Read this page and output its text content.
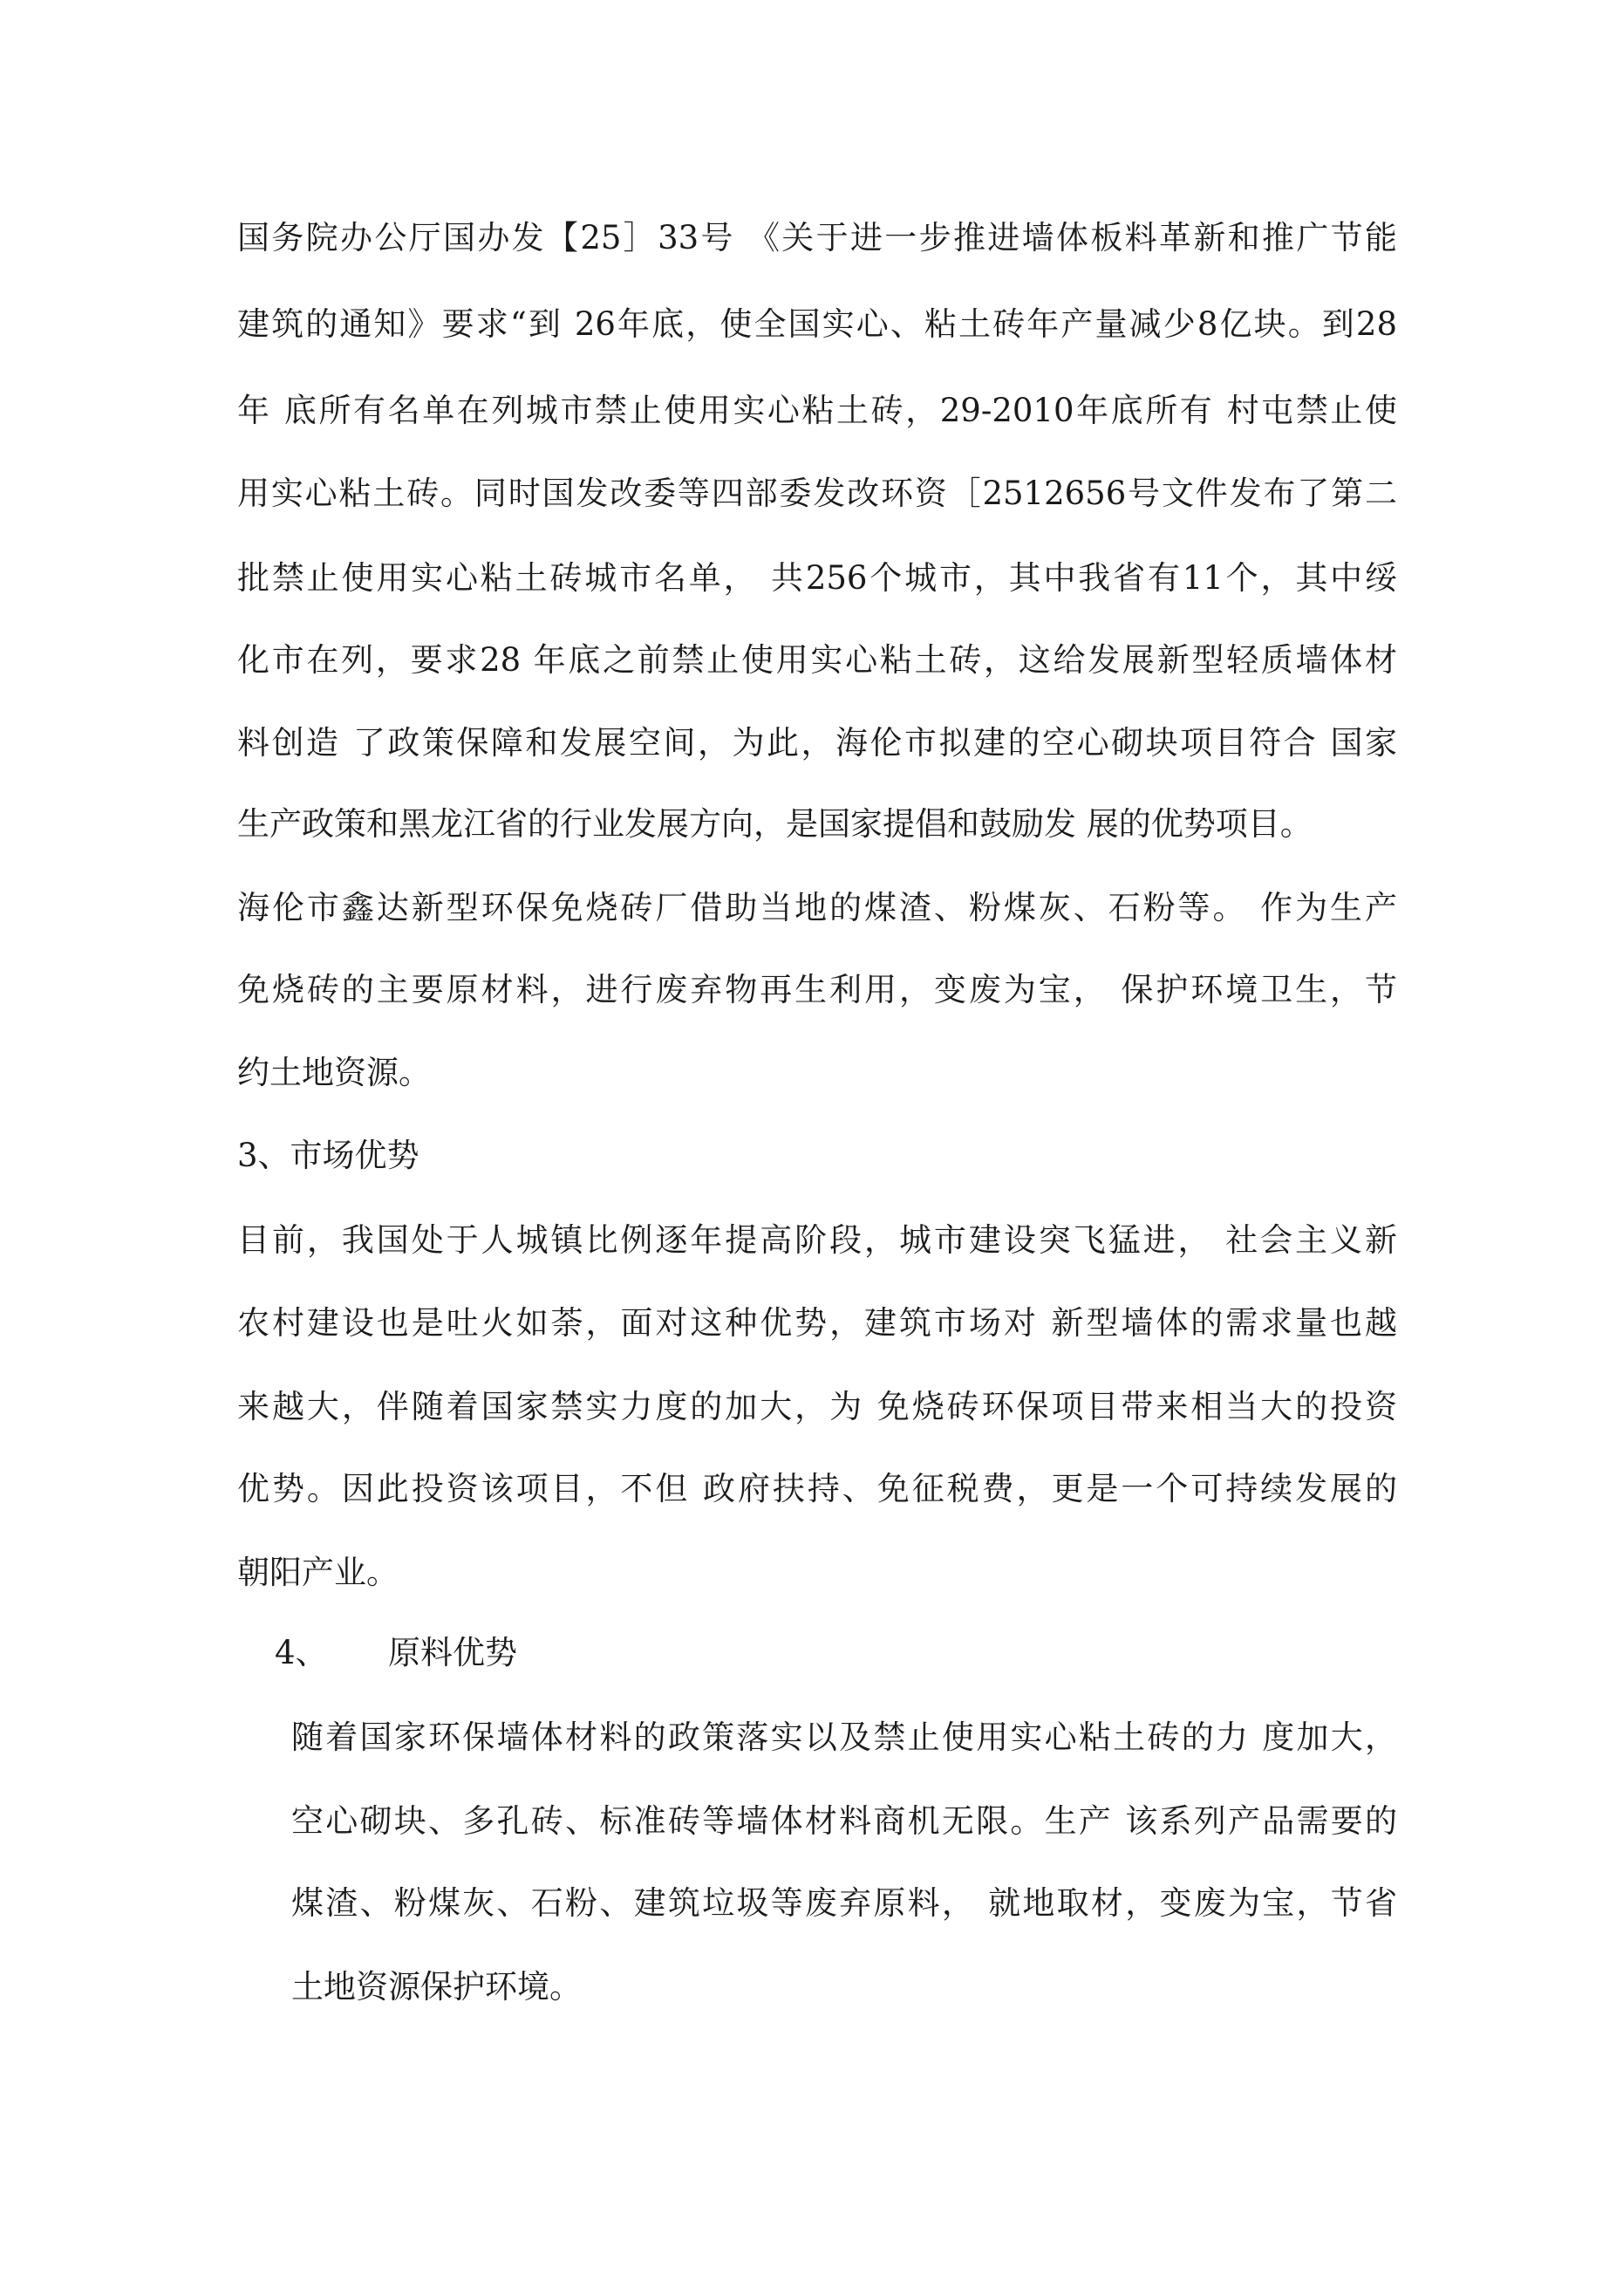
国务院办公厅国办发【25］33号 《关于进一步推进墙体板料革新和推广节能
建筑的通知》要求“到 26年底，使全国实心、粘土砖年产量减少8亿块。到28
年 底所有名单在列城市禁止使用实心粘土砖，29-2010年底所有 村屯禁止使
用实心粘土砖。同时国发改委等四部委发改环资［2512656号文件发布了第二
批禁止使用实心粘土砖城市名单， 共256个城市，其中我省有11个，其中绥
化市在列，要求28 年底之前禁止使用实心粘土砖，这给发展新型轻质墙体材
料创造 了政策保障和发展空间，为此，海伦市拟建的空心砌块项目符合 国家
生产政策和黑龙江省的行业发展方向，是国家提倡和鼓励发 展的优势项目。
海伦市鑫达新型环保免烧砖厂借助当地的煤渣、粉煤灰、石粉等。 作为生产
免烧砖的主要原材料，进行废弃物再生利用，变废为宝， 保护环境卫生，节
约土地资源。
3、市场优势
目前，我国处于人城镇比例逐年提高阶段，城市建设突飞猛进， 社会主义新
农村建设也是吐火如荼，面对这种优势，建筑市场对 新型墙体的需求量也越
来越大，伴随着国家禁实力度的加大，为 免烧砖环保项目带来相当大的投资
优势。因此投资该项目，不但 政府扶持、免征税费，更是一个可持续发展的
朝阳产业。
4、 原料优势
随着国家环保墙体材料的政策落实以及禁止使用实心粘土砖的力 度加大，
空心砌块、多孔砖、标准砖等墙体材料商机无限。生产 该系列产品需要的
煤渣、粉煤灰、石粉、建筑垃圾等废弃原料， 就地取材，变废为宝，节省
土地资源保护环境。
